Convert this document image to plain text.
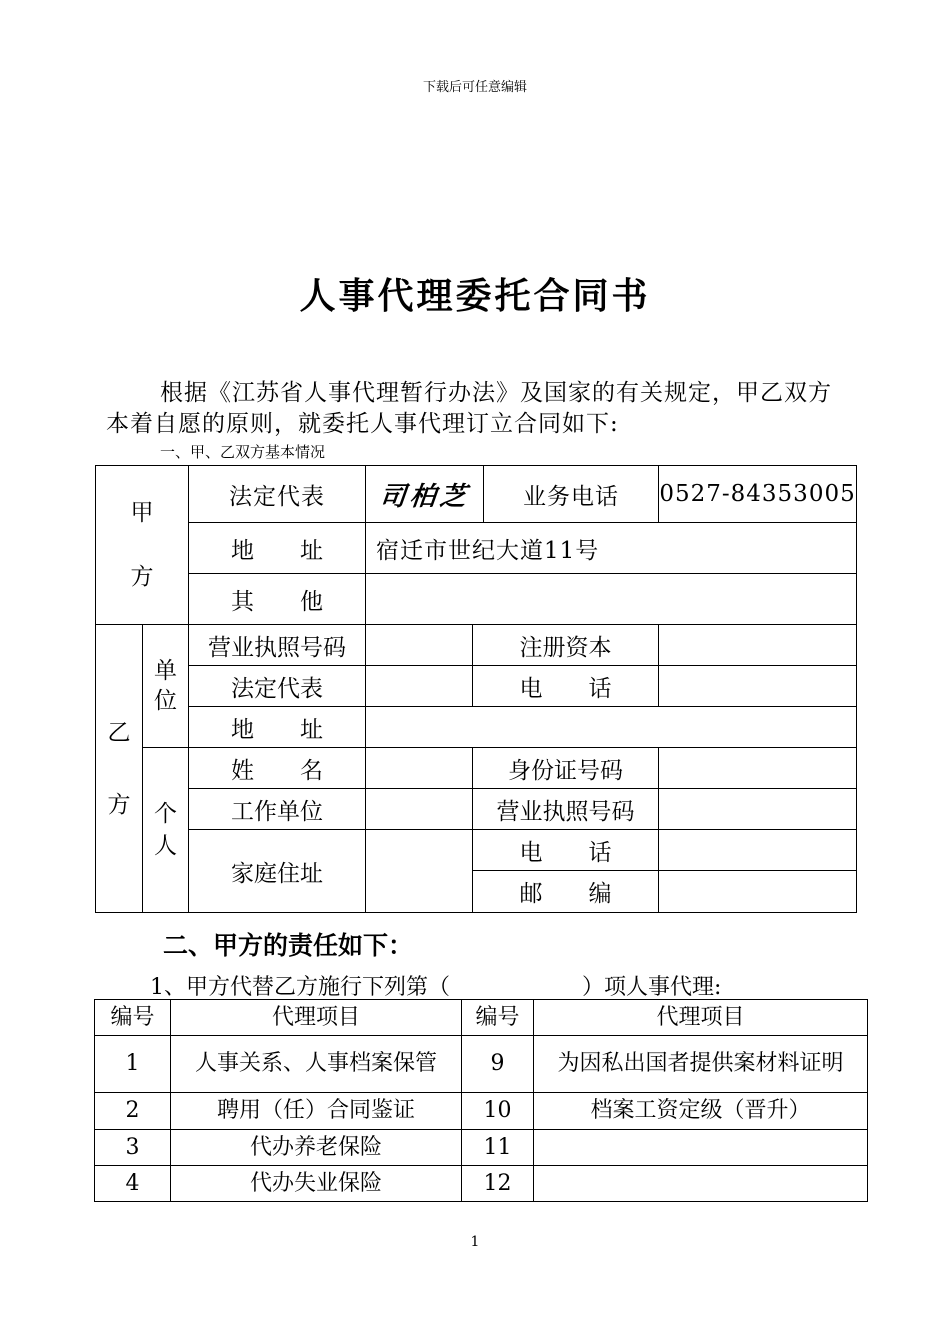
下载后可任意编辑
人事代理委托合同书
根据《江苏省人事代理暂行办法》及国家的有关规定，甲乙双方本着自愿的原则，就委托人事代理订立合同如下:
一、甲、乙双方基本情况
甲方		法定代表	司柏芝		业务电话	0527-84353005
		地　　址	宿迁市世纪大道11号			
		其　　他				
乙方	单位	营业执照号码		注册资本		
		法定代表		电　　话		
		地　　址				
	个人	姓　　名		身份证号码		
		工作单位		营业执照号码		
		家庭住址		电　　话		
				邮　　编		
二、甲方的责任如下：
1、甲方代替乙方施行下列第（　　　　　　）项人事代理:
编号	代理项目	编号	代理项目
1	人事关系、人事档案保管	9	为因私出国者提供案材料证明
2	聘用（任）合同鉴证	10	档案工资定级（晋升）
3	代办养老保险	11	
4	代办失业保险	12	
1
